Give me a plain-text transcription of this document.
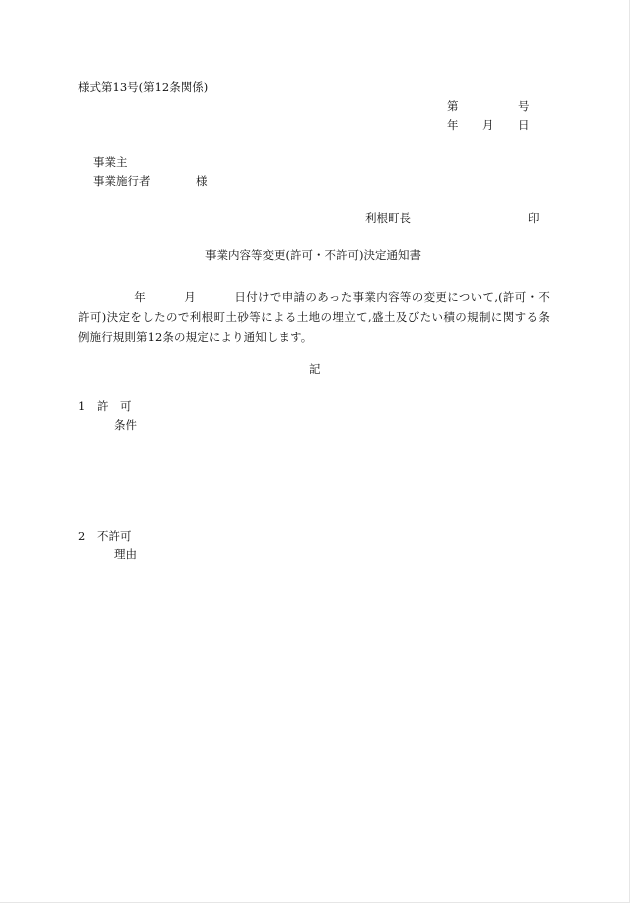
様式第13号(第12条関係)
第	号
年 月 日
事業主
事業施行者	様
利根町長	印
事業内容等変更(許可・不許可)決定通知書
年	月	日付けで申請のあった事業内容等の変更について,(許可・不許可)決定をしたので利根町土砂等による土地の埋立て,盛土及びたい積の規制に関する条例施行規則第12条の規定により通知します。
記
1 許　可
条件
2 不許可
理由
